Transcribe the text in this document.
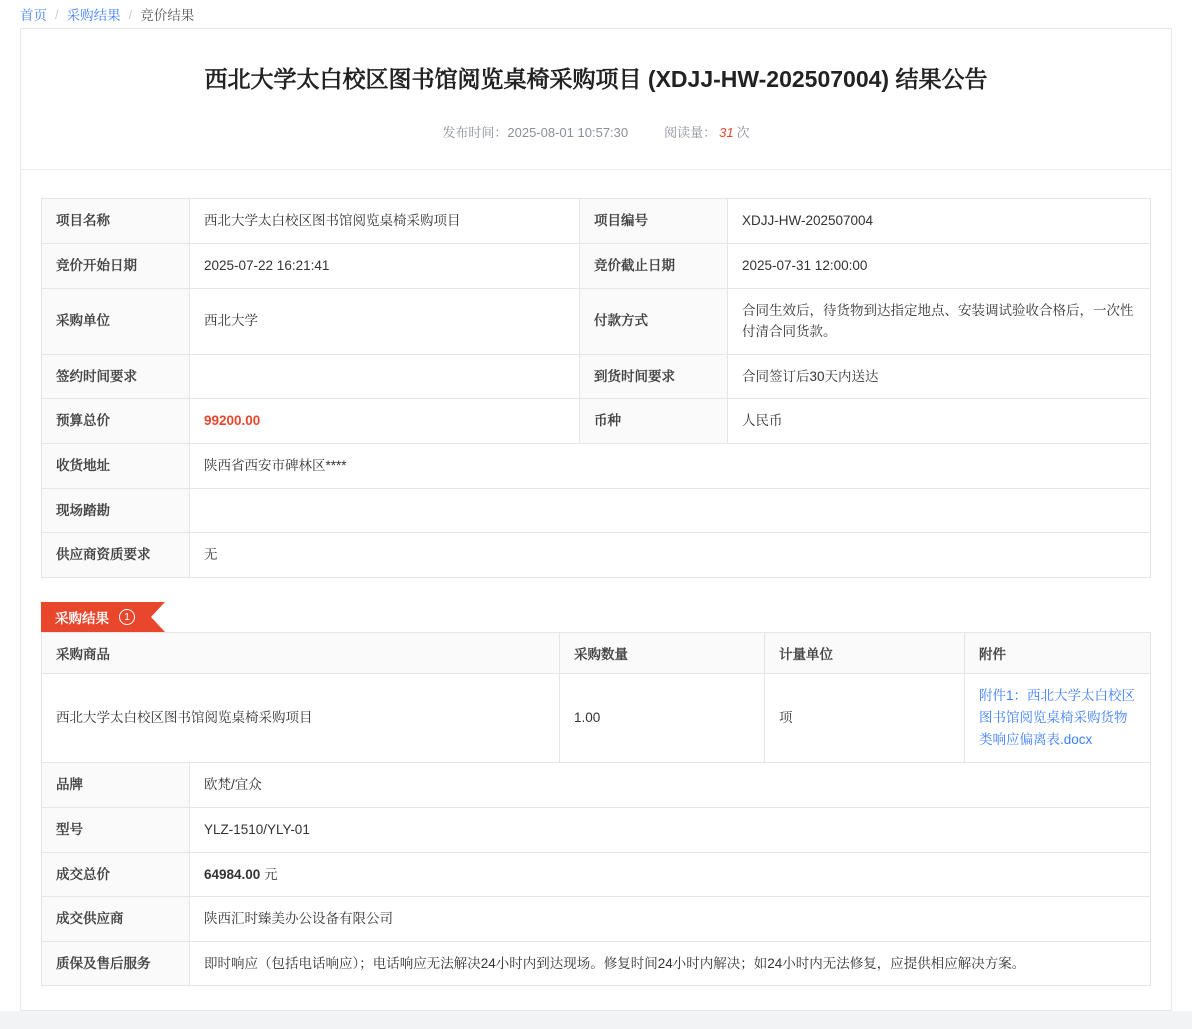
首页 / 采购结果 / 竞价结果
西北大学太白校区图书馆阅览桌椅采购项目 (XDJJ-HW-202507004) 结果公告
发布时间：2025-08-01 10:57:30	阅读量： 31 次
项目名称	西北大学太白校区图书馆阅览桌椅采购项目	项目编号	XDJJ-HW-202507004
竞价开始日期	2025-07-22 16:21:41	竞价截止日期	2025-07-31 12:00:00
采购单位	西北大学	付款方式	合同生效后，待货物到达指定地点、安装调试验收合格后，一次性付清合同货款。
签约时间要求		到货时间要求	合同签订后30天内送达
预算总价	99200.00	币种	人民币
收货地址	陕西省西安市碑林区****		
现场踏勘			
供应商资质要求	无		
采购结果	1
采购商品		采购数量	计量单位	附件
西北大学太白校区图书馆阅览桌椅采购项目		1.00	项	附件1：西北大学太白校区图书馆阅览桌椅采购货物类响应偏离表.docx

品牌	欧梵/宜众			
型号	YLZ-1510/YLY-01			
成交总价	64984.00 元			
成交供应商	陕西汇时臻美办公设备有限公司			
质保及售后服务	即时响应（包括电话响应）；电话响应无法解决24小时内到达现场。修复时间24小时内解决；如24小时内无法修复，应提供相应解决方案。			
